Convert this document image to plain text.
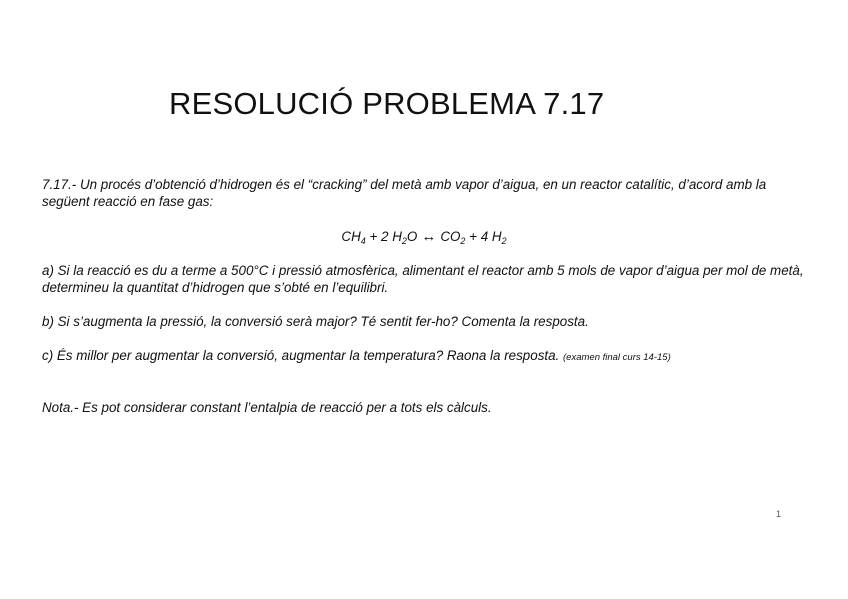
RESOLUCIÓ PROBLEMA 7.17
7.17.- Un procés d’obtenció d’hidrogen és el “cracking” del metà amb vapor d’aigua, en un reactor catalític, d’acord amb la següent reacció en fase gas:
$CH_4 + 2$ $H_2O$ ↔ $CO_2 + 4$ $H_2$
a) Si la reacció es du a terme a 500°C i pressió atmosfèrica, alimentant el reactor amb 5 mols de vapor d’aigua per mol de metà, determineu la quantitat d’hidrogen que s’obté en l’equilibri.
b) Si s’augmenta la pressió, la conversió serà major? Té sentit fer-ho? Comenta la resposta.
c) És millor per augmentar la conversió, augmentar la temperatura? Raona la resposta. (examen final curs 14-15)
Nota.- Es pot considerar constant l’entalpia de reacció per a tots els càlculs.
1
